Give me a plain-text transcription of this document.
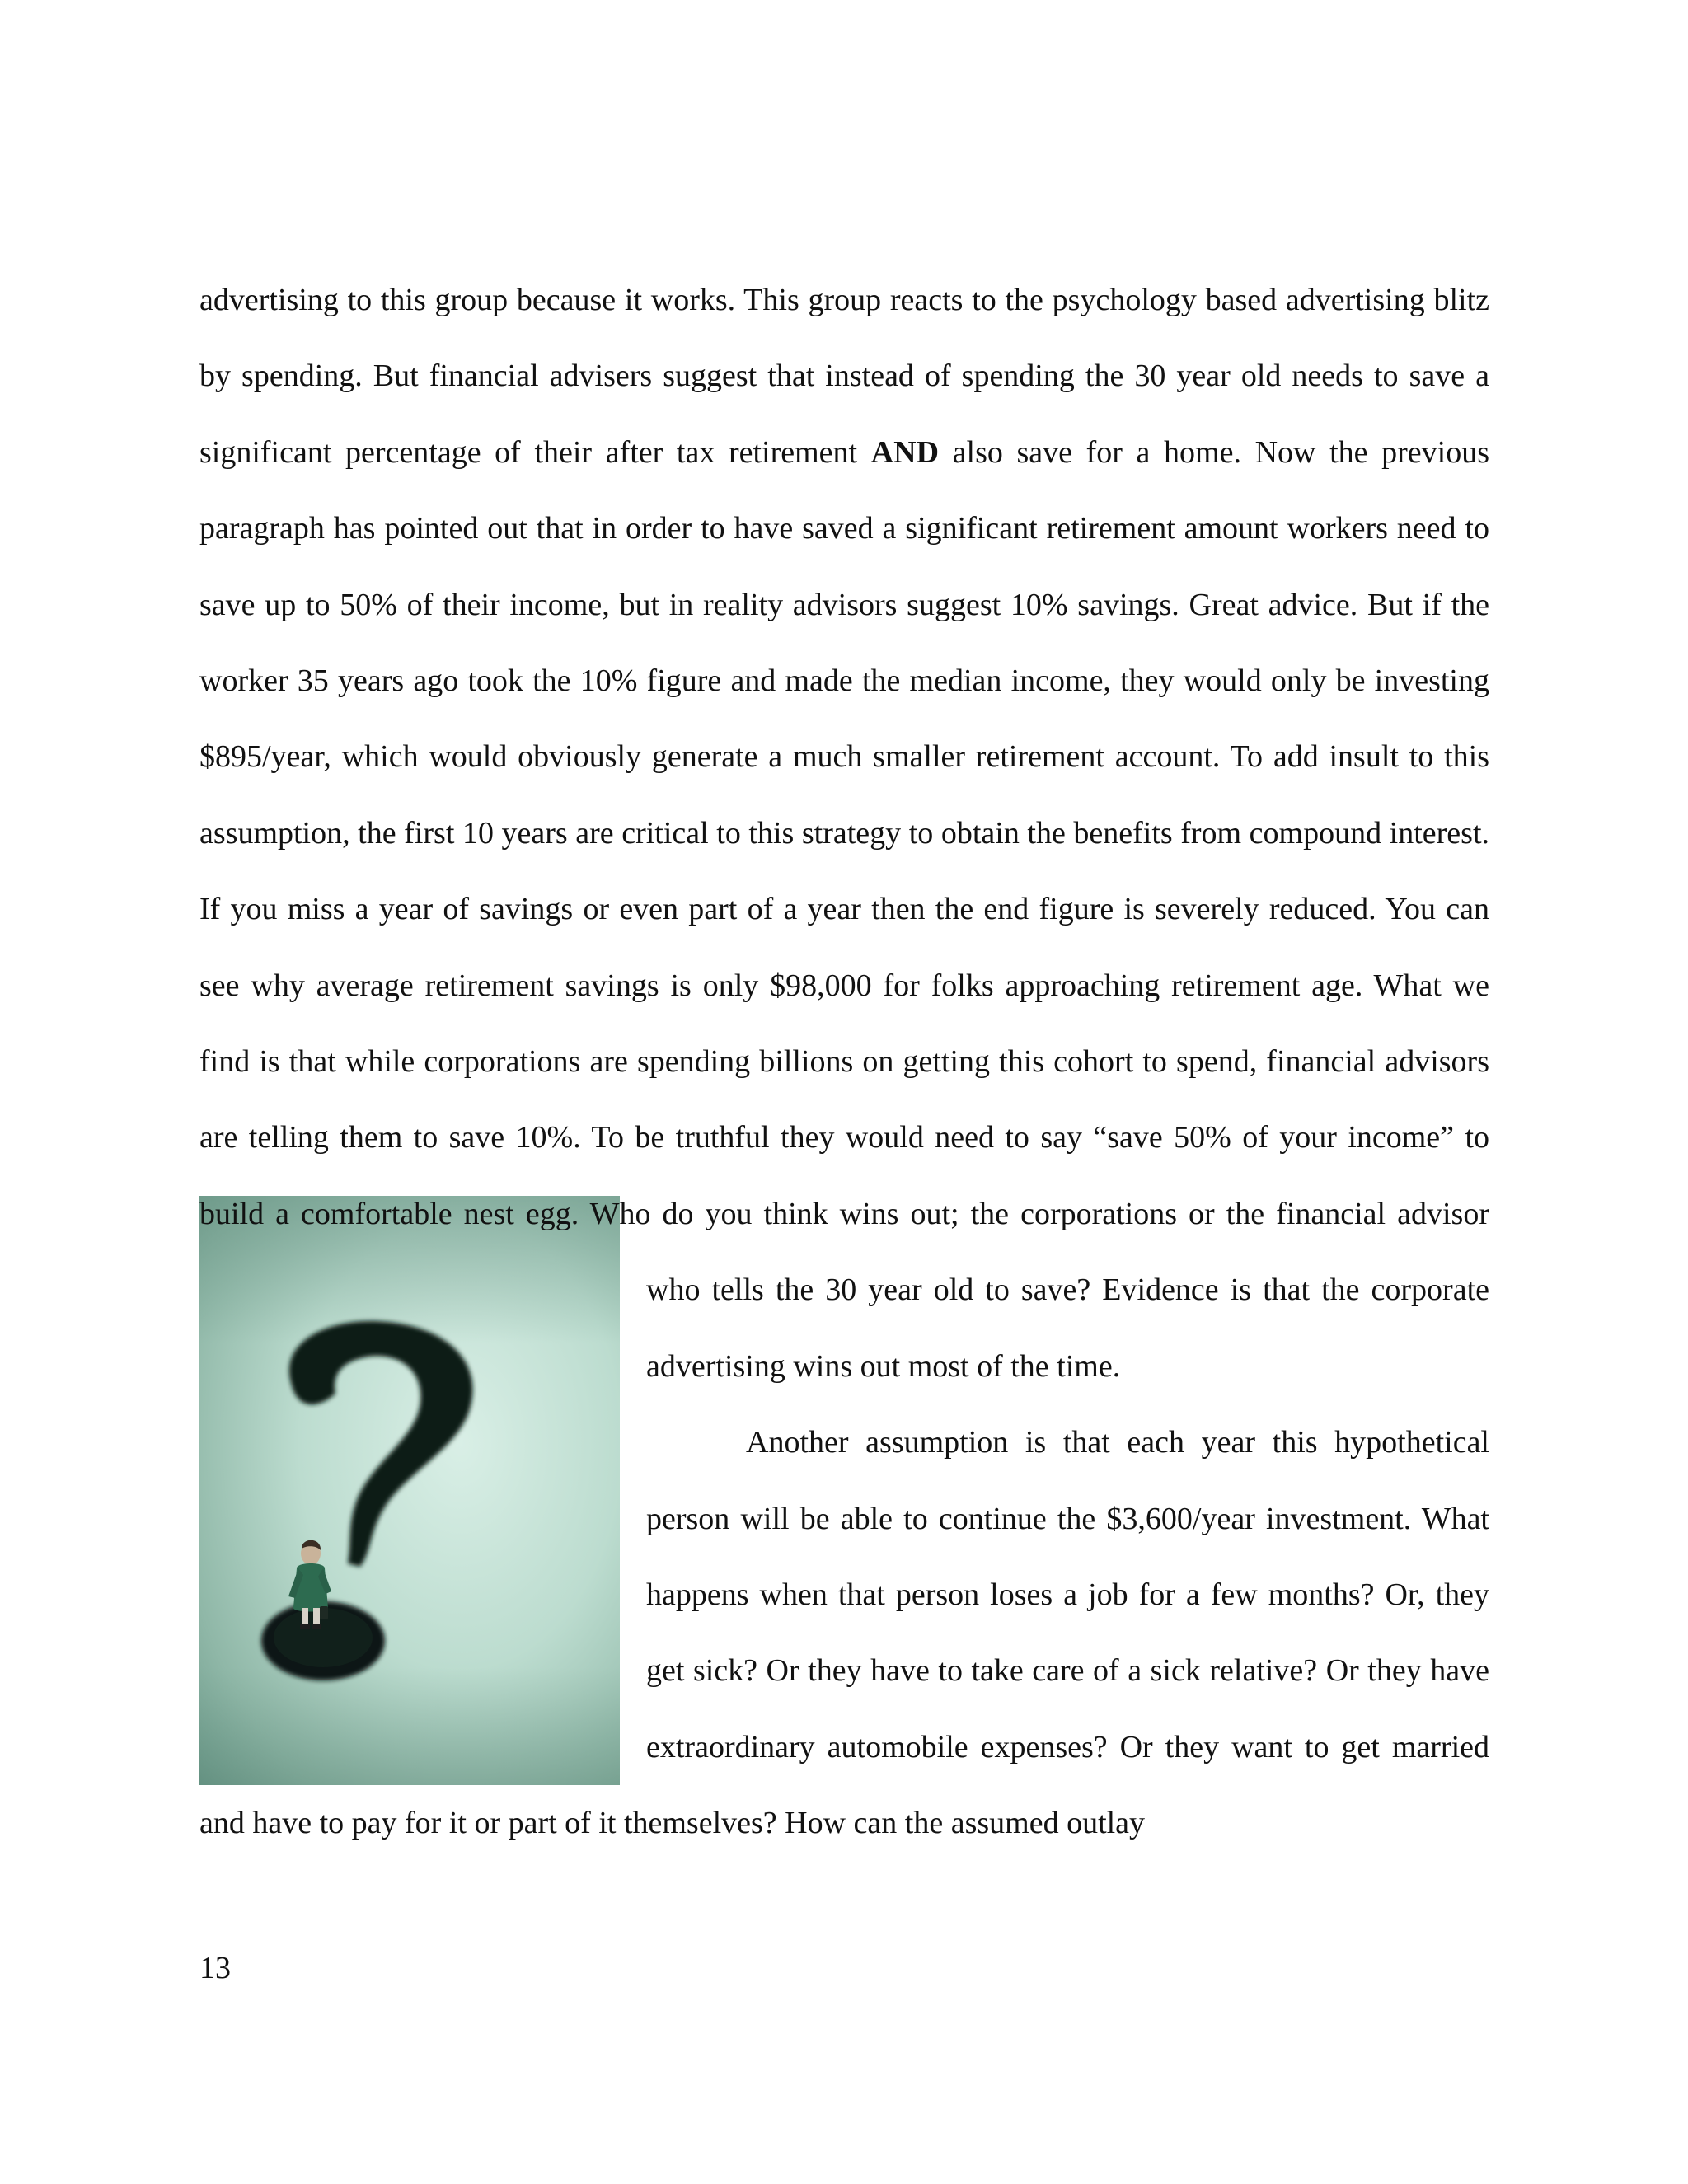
advertising to this group because it works. This group reacts to the psychology based advertising blitz by spending. But financial advisers suggest that instead of spending the 30 year old needs to save a significant percentage of their after tax retirement AND also save for a home. Now the previous paragraph has pointed out that in order to have saved a significant retirement amount workers need to save up to 50% of their income, but in reality advisors suggest 10% savings. Great advice. But if the worker 35 years ago took the 10% figure and made the median income, they would only be investing $895/year, which would obviously generate a much smaller retirement account. To add insult to this assumption, the first 10 years are critical to this strategy to obtain the benefits from compound interest. If you miss a year of savings or even part of a year then the end figure is severely reduced. You can see why average retirement savings is only $98,000 for folks approaching retirement age. What we find is that while corporations are spending billions on getting this cohort to spend, financial advisors are telling them to save 10%. To be truthful they would need to say “save 50% of your income” to build a comfortable nest
egg. Who do you think wins out; the corporations or the financial advisor who tells the 30 year old to save? Evidence is that the corporate advertising wins out most of the time.

Another assumption is that each year this hypothetical person will be able to continue the $3,600/year investment. What happens when that person loses a job for a few months? Or, they get sick? Or they have to take care of a sick relative? Or they have extraordinary automobile expenses? Or they want to get married and have to pay for it or part of it themselves? How can the assumed outlay

13
